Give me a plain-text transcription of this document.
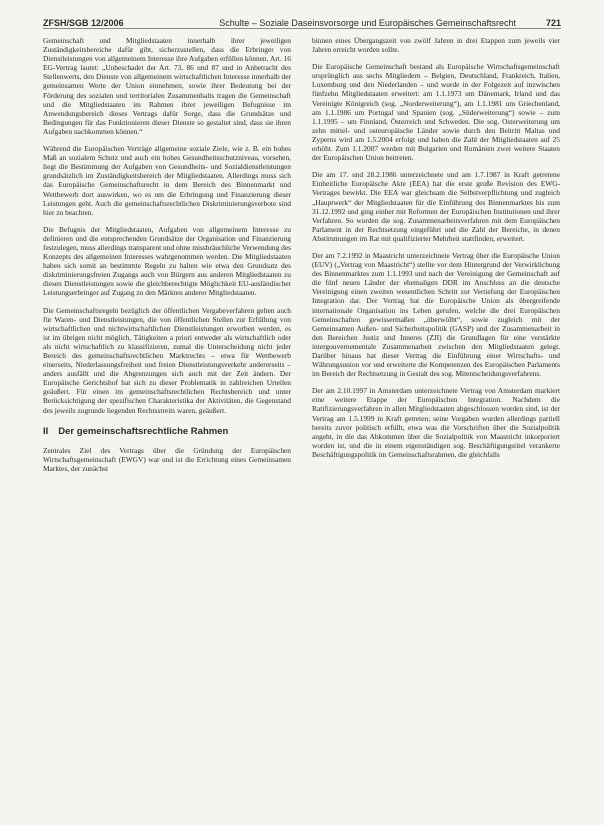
ZFSH/SGB 12/2006	Schulte – Soziale Daseinsvorsorge und Europäisches Gemeinschaftsrecht	721

Gemeinschaft und Mitgliedstaaten innerhalb ihrer jeweiligen Zuständigkeitsbereiche dafür gibt, sicherzustellen, dass die Erbringer von Dienstleistungen von allgemeinem Interesse ihre Aufgaben erfüllen können. Art. 16 EG-Vertrag lautet: „Unbeschadet der Art. 73, 86 und 87 und in Anbetracht des Stellenwerts, den Dienste von allgemeinem wirtschaftlichen Interesse innerhalb der gemeinsamen Werte der Union einnehmen, sowie ihrer Bedeutung bei der Förderung des sozialen und territorialen Zusammenhalts tragen die Gemeinschaft und die Mitgliedstaaten im Rahmen ihrer jeweiligen Befugnisse im Anwendungsbereich dieses Vertrags dafür Sorge, dass die Grundsätze und Bedingungen für das Funktionieren dieser Dienste so gestaltet sind, dass sie ihren Aufgaben nachkommen können.“

Während die Europäischen Verträge allgemeine soziale Ziele, wie z. B. ein hohes Maß an sozialem Schutz und auch ein hohes Gesundheitsschutzniveau, vorsehen, liegt die Bestimmung der Aufgaben von Gesundheits- und Sozialdienstleistungen grundsätzlich im Zuständigkeitsbereich der Mitgliedstaaten. Allerdings muss sich das Europäische Gemeinschaftsrecht in dem Bereich des Binnenmarkt und Wettbewerb dort auswirken, wo es um die Erbringung und Finanzierung dieser Leistungen geht. Auch die gemeinschaftsrechtlichen Diskriminierungsverbote sind hier zu beachten.

Die Befugnis der Mitgliedstaaten, Aufgaben von allgemeinem Interesse zu definieren und die entsprechenden Grundsätze der Organisation und Finanzierung festzulegen, muss allerdings transparent und ohne missbräuchliche Verwendung des Konzepts des allgemeinen Interesses wahrgenommen werden. Die Mitgliedstaaten haben sich somit an bestimmte Regeln zu halten wie etwa den Grundsatz des diskriminierungsfreien Zugangs auch von Bürgern aus anderen Mitgliedstaaten zu diesen Dienstleistungen sowie die gleichberechtigte Möglichkeit EU-ausländischer Leistungserbringer auf Zugang zu den Märkten anderer Mitgliedstaaten.

Die Gemeinschaftsregeln bezüglich der öffentlichen Vergabeverfahren gelten auch für Waren- und Dienstleistungen, die von öffentlichen Stellen zur Erfüllung von wirtschaftlichen und nichtwirtschaftlichen Dienstleistungen erworben werden, es ist im übrigen nicht möglich, Tätigkeiten a priori entweder als wirtschaftlich oder als nicht wirtschaftlich zu klassifizieren, zumal die Unterscheidung nicht jeder Bereich des gemeinschaftsrechtlichen Marktrechts – etwa für Wettbewerb einerseits, Niederlassungsfreiheit und freien Dienstleistungsverkehr andererseits – anders ausfällt und die Abgrenzungen sich auch mit der Zeit ändern. Der Europäische Gerichtshof hat sich zu dieser Problematik in zahlreichen Urteilen geäußert. Für einen im gemeinschaftsrechtlichen Rechtsbereich und unter Berücksichtigung der spezifischen Charakteristika der Aktivitäten, die Gegenstand des jeweils zugrunde liegenden Rechtsstreits waren, geäußert.

II Der gemeinschaftsrechtliche Rahmen

Zentrales Ziel des Vertrags über die Gründung der Europäischen Wirtschaftsgemeinschaft (EWGV) war und ist die Errichtung eines Gemeinsamen Marktes, der zunächst

binnen eines Übergangszeit von zwölf Jahren in drei Etappen zum jeweils vier Jahren erreicht worden sollte.

Die Europäische Gemeinschaft bestand als Europäische Wirtschaftsgemeinschaft ursprünglich aus sechs Mitgliedern – Belgien, Deutschland, Frankreich, Italien, Luxemburg und den Niederlanden – und wurde in der Folgezeit auf inzwischen fünfzehn Mitgliedstaaten erweitert: am 1.1.1973 um Dänemark, Irland und das Vereinigte Königreich (sog. „Norderweiterung“), am 1.1.1981 um Griechenland, am 1.1.1986 um Portugal und Spanien (sog. „Süderweiterung“) sowie – zum 1.1.1995 – um Finnland, Österreich und Schweden. Die sog. Osterweiterung um zehn mittel- und osteuropäische Länder sowie durch den Beitritt Maltas und Zyperns wird am 1.5.2004 erfolgt und haben die Zahl der Mitgliedstaaten auf 25 erhöht. Zum 1.1.2007 werden mit Bulgarien und Rumänien zwei weitere Staaten der Europäischen Union beitreten.

Die am 17. und 28.2.1986 unterzeichnete und am 1.7.1987 in Kraft getretene Einheitliche Europäische Akte (EEA) hat die erste große Revision des EWG-Vertrages bewirkt. Die EEA war gleichsam die Selbstverpflichtung und zugleich „Hauptwerk“ der Mitgliedstaaten für die Einführung des Binnenmarktes bis zum 31.12.1992 und ging einher mit Reformen der Europäischen Institutionen und ihrer Verfahren. So wurden die sog. Zusammenarbeitsverfahren mit dem Europäischen Parlament in der Rechtsetzung eingeführt und die Zahl der Bereiche, in denen Abstimmungen im Rat mit qualifizierter Mehrheit stattfinden, erweitert.

Der am 7.2.1992 in Maastricht unterzeichnete Vertrag über die Europäische Union (EUV) („Vertrag von Maastricht“) stellte vor dem Hintergrund der Verwirklichung des Binnenmarktes zum 1.1.1993 und nach der Vereinigung der Gemeinschaft auf die fünf neuen Länder der ehemaligen DDR im Anschluss an die deutsche Vereinigung einen zweiten wesentlichen Schritt zur Vertiefung der Europäischen Integration dar. Der Vertrag hat die Europäische Union als übergreifende internationale Organisation ins Leben gerufen, welche die drei Europäischen Gemeinschaften gewissermaßen „überwölbt“, sowie zugleich mit der Gemeinsamen Außen- und Sicherheitspolitik (GASP) und der Zusammenarbeit in den Bereichen Justiz und Inneres (ZJI) die Grundlagen für eine verstärkte intergouvernementale Zusammenarbeit zwischen den Mitgliedstaaten gelegt. Darüber hinaus hat dieser Vertrag die Einführung einer Wirtschafts- und Währungsunion vor und erweiterte die Kompetenzen des Europäischen Parlaments im Bereich der Rechtsetzung in Gestalt des sog. Mitentscheidungsverfahrens.

Der am 2.10.1997 in Amsterdam unterzeichnete Vertrag von Amsterdam markiert eine weitere Etappe der Europäischen Integration. Nachdem die Ratifizierungsverfahren in allen Mitgliedstaaten abgeschlossen worden sind, ist der Vertrag am 1.5.1999 in Kraft getreten; seine Vorgaben wurden allerdings partiell bereits zuvor politisch erfüllt, etwa was die Vorschriften über die Sozialpolitik angeht, in die das Abkommen über die Sozialpolitik von Maastricht inkorporiert worden ist, und die in einem eigenständigen sog. Beschäftigungstitel verankerte Beschäftigungspolitik im Gemeinschaftsrahmen, die gleichfalls
